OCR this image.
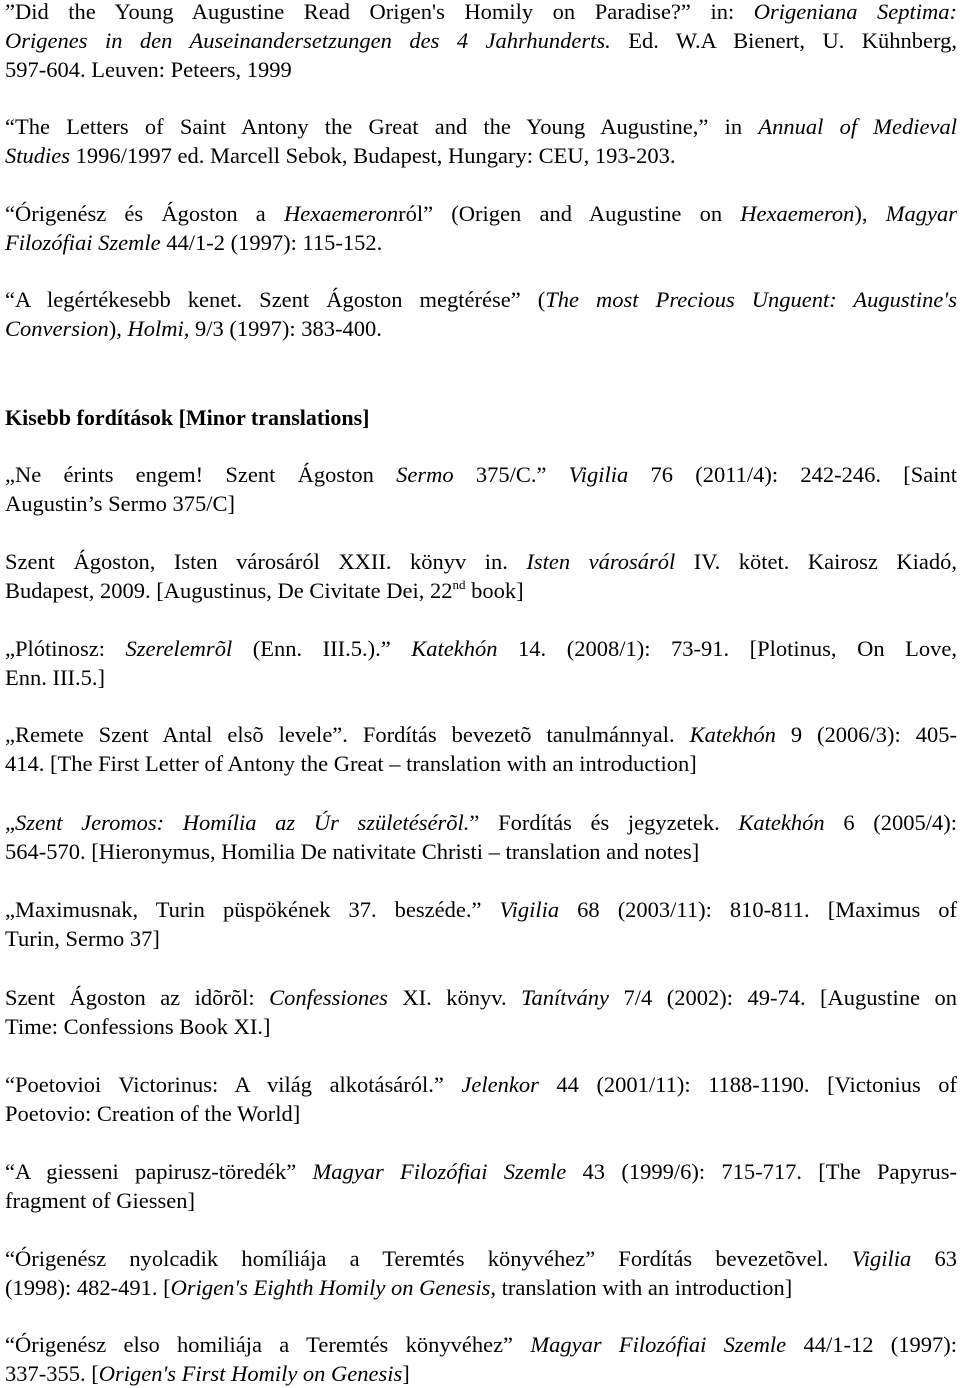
”Did the Young Augustine Read Origen's Homily on Paradise?” in: Origeniana Septima:
Origenes in den Auseinandersetzungen des 4 Jahrhunderts. Ed. W.A Bienert, U. Kühnberg,
597-604. Leuven: Peteers, 1999

“The Letters of Saint Antony the Great and the Young Augustine,” in Annual of Medieval
Studies 1996/1997 ed. Marcell Sebok, Budapest, Hungary: CEU, 193-203.

“Órigenész és Ágoston a Hexaemeronról” (Origen and Augustine on Hexaemeron), Magyar
Filozófiai Szemle 44/1-2 (1997): 115-152.

“A legértékesebb kenet. Szent Ágoston megtérése” (The most Precious Unguent: Augustine's
Conversion), Holmi, 9/3 (1997): 383-400.

Kisebb fordítások [Minor translations]

„Ne érints engem! Szent Ágoston Sermo 375/C.” Vigilia 76 (2011/4): 242-246. [Saint
Augustin’s Sermo 375/C]

Szent Ágoston, Isten városáról XXII. könyv in. Isten városáról IV. kötet. Kairosz Kiadó,
Budapest, 2009. [Augustinus, De Civitate Dei, 22nd book]

„Plótinosz: Szerelemrõl (Enn. III.5.).” Katekhón 14. (2008/1): 73-91. [Plotinus, On Love,
Enn. III.5.]

„Remete Szent Antal elsõ levele”. Fordítás bevezetõ tanulmánnyal. Katekhón 9 (2006/3): 405-
414. [The First Letter of Antony the Great – translation with an introduction]

„Szent Jeromos: Homília az Úr születésérõl.” Fordítás és jegyzetek. Katekhón 6 (2005/4):
564-570. [Hieronymus, Homilia De nativitate Christi – translation and notes]

„Maximusnak, Turin püspökének 37. beszéde.” Vigilia 68 (2003/11): 810-811. [Maximus of
Turin, Sermo 37]

Szent Ágoston az idõrõl: Confessiones XI. könyv. Tanítvány 7/4 (2002): 49-74. [Augustine on
Time: Confessions Book XI.]

“Poetovioi Victorinus: A világ alkotásáról.” Jelenkor 44 (2001/11): 1188-1190. [Victonius of
Poetovio: Creation of the World]

“A giesseni papirusz-töredék” Magyar Filozófiai Szemle 43 (1999/6): 715-717. [The Papyrus-
fragment of Giessen]

“Órigenész nyolcadik homíliája a Teremtés könyvéhez” Fordítás bevezetõvel. Vigilia 63
(1998): 482-491. [Origen's Eighth Homily on Genesis, translation with an introduction]

“Órigenész elso homiliája a Teremtés könyvéhez” Magyar Filozófiai Szemle 44/1-12 (1997):
337-355. [Origen's First Homily on Genesis]
